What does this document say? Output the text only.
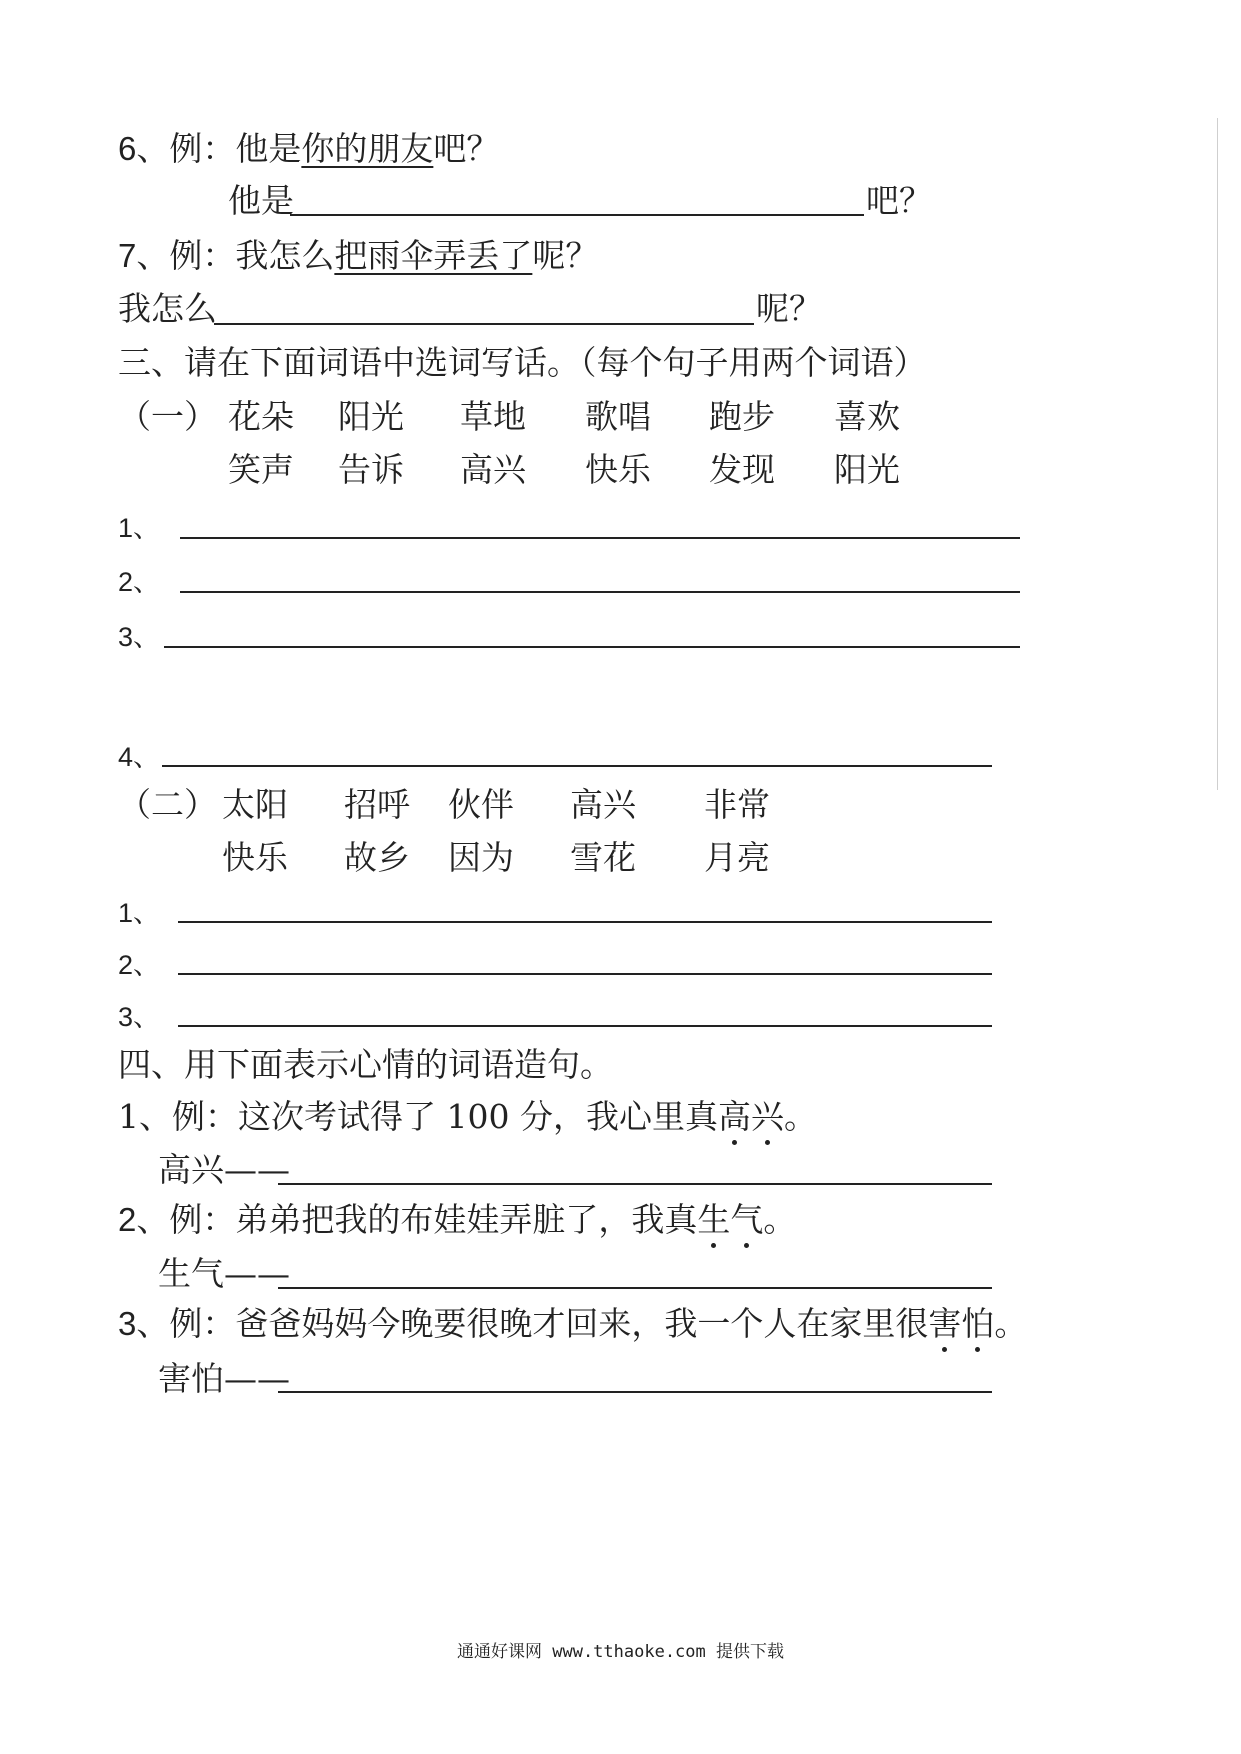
6、例：他是你的朋友吧？
他是	吧？
7、例：我怎么把雨伞弄丢了呢？
我怎么	呢？
三、请在下面词语中选词写话。（每个句子用两个词语）
（一） 花朵 阳光 草地 歌唱 跑步 喜欢
笑声 告诉 高兴 快乐 发现 阳光
1、
2、
3、
4、
（二） 太阳 招呼 伙伴 高兴 非常
快乐 故乡 因为 雪花 月亮
1、
2、
3、
四、用下面表示心情的词语造句。
1、例：这次考试得了 100 分，我心里真高兴。
高兴——
2、例：弟弟把我的布娃娃弄脏了，我真生气。
生气——
3、例：爸爸妈妈今晚要很晚才回来，我一个人在家里很害怕。
害怕——
通通好课网 www.tthaoke.com 提供下载
